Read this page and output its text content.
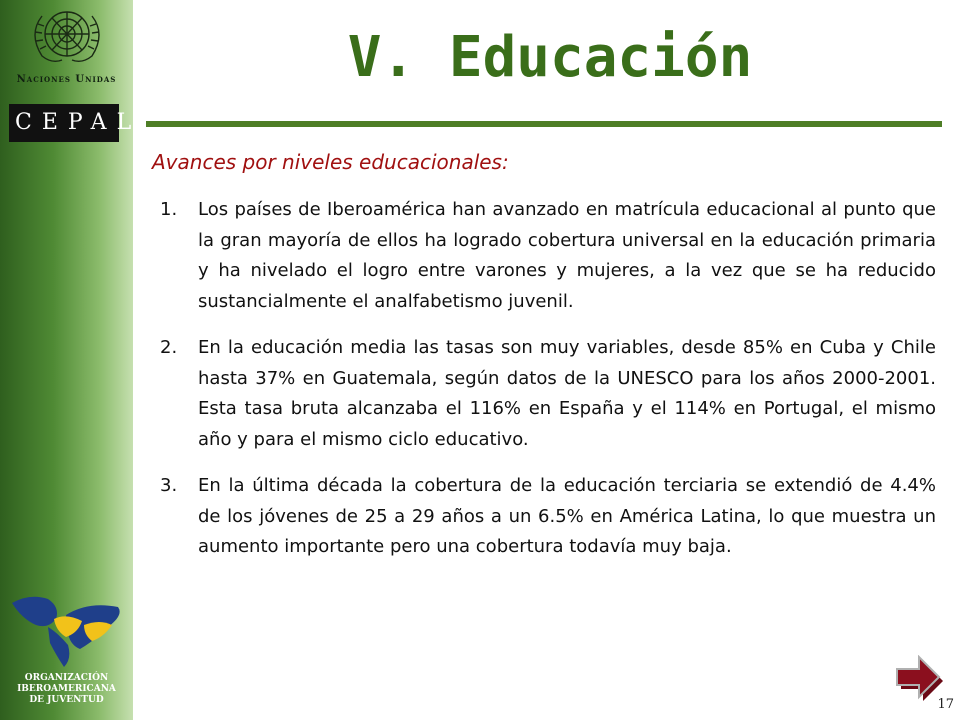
Naciones Unidas
CEPAL
ORGANIZACIÓN
IBEROAMERICANA
DE JUVENTUD
V. Educación

Avances por niveles educacionales:

1.	Los países de Iberoamérica han avanzado en matrícula educacional al punto que la gran mayoría de ellos ha logrado cobertura universal en la educación primaria y ha nivelado el logro entre varones y mujeres, a la vez que se ha reducido sustancialmente el analfabetismo juvenil.
2.	En la educación media las tasas son muy variables, desde 85% en Cuba y Chile hasta 37% en Guatemala, según datos de la UNESCO para los años 2000-2001. Esta tasa bruta alcanzaba el 116% en España y el 114% en Portugal, el mismo año y para el mismo ciclo educativo.
3.	En la última década la cobertura de la educación terciaria se extendió de 4.4% de los jóvenes de 25 a 29 años a un 6.5% en América Latina, lo que muestra un aumento importante pero una cobertura todavía muy baja.
17
